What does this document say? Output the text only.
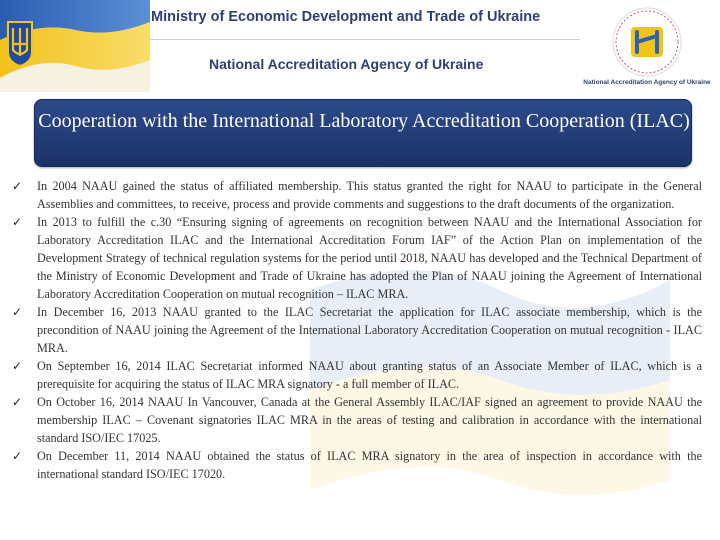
Ministry of Economic Development and Trade of Ukraine
National Accreditation Agency of Ukraine
National Accreditation Agency of Ukraine
Cooperation with the International Laboratory Accreditation Cooperation (ILAC)
✓ In 2004 NAAU gained the status of affiliated membership. This status granted the right for NAAU to participate in the General Assemblies and committees, to receive, process and provide comments and suggestions to the draft documents of the organization.
✓ In 2013 to fulfill the c.30 “Ensuring signing of agreements on recognition between NAAU and the International Association for Laboratory Accreditation ILAC and the International Accreditation Forum IAF” of the Action Plan on implementation of the Development Strategy of technical regulation systems for the period until 2018, NAAU has developed and the Technical Department of the Ministry of Economic Development and Trade of Ukraine has adopted the Plan of NAAU joining the Agreement of International Laboratory Accreditation Cooperation on mutual recognition – ILAC MRA.
✓ In December 16, 2013 NAAU granted to the ILAC Secretariat the application for ILAC associate membership, which is the precondition of NAAU joining the Agreement of the International Laboratory Accreditation Cooperation on mutual recognition - ILAC MRA.
✓ On September 16, 2014 ILAC Secretariat informed NAAU about granting status of an Associate Member of ILAC, which is a prerequisite for acquiring the status of ILAC MRA signatory - a full member of ILAC.
✓ On October 16, 2014 NAAU In Vancouver, Canada at the General Assembly ILAC/IAF signed an agreement to provide NAAU the membership ILAC – Covenant signatories ILAC MRA in the areas of testing and calibration in accordance with the international standard ISO/IEC 17025.
✓ On December 11, 2014 NAAU obtained the status of ILAC MRA signatory in the area of inspection in accordance with the international standard ISO/IEC 17020.
